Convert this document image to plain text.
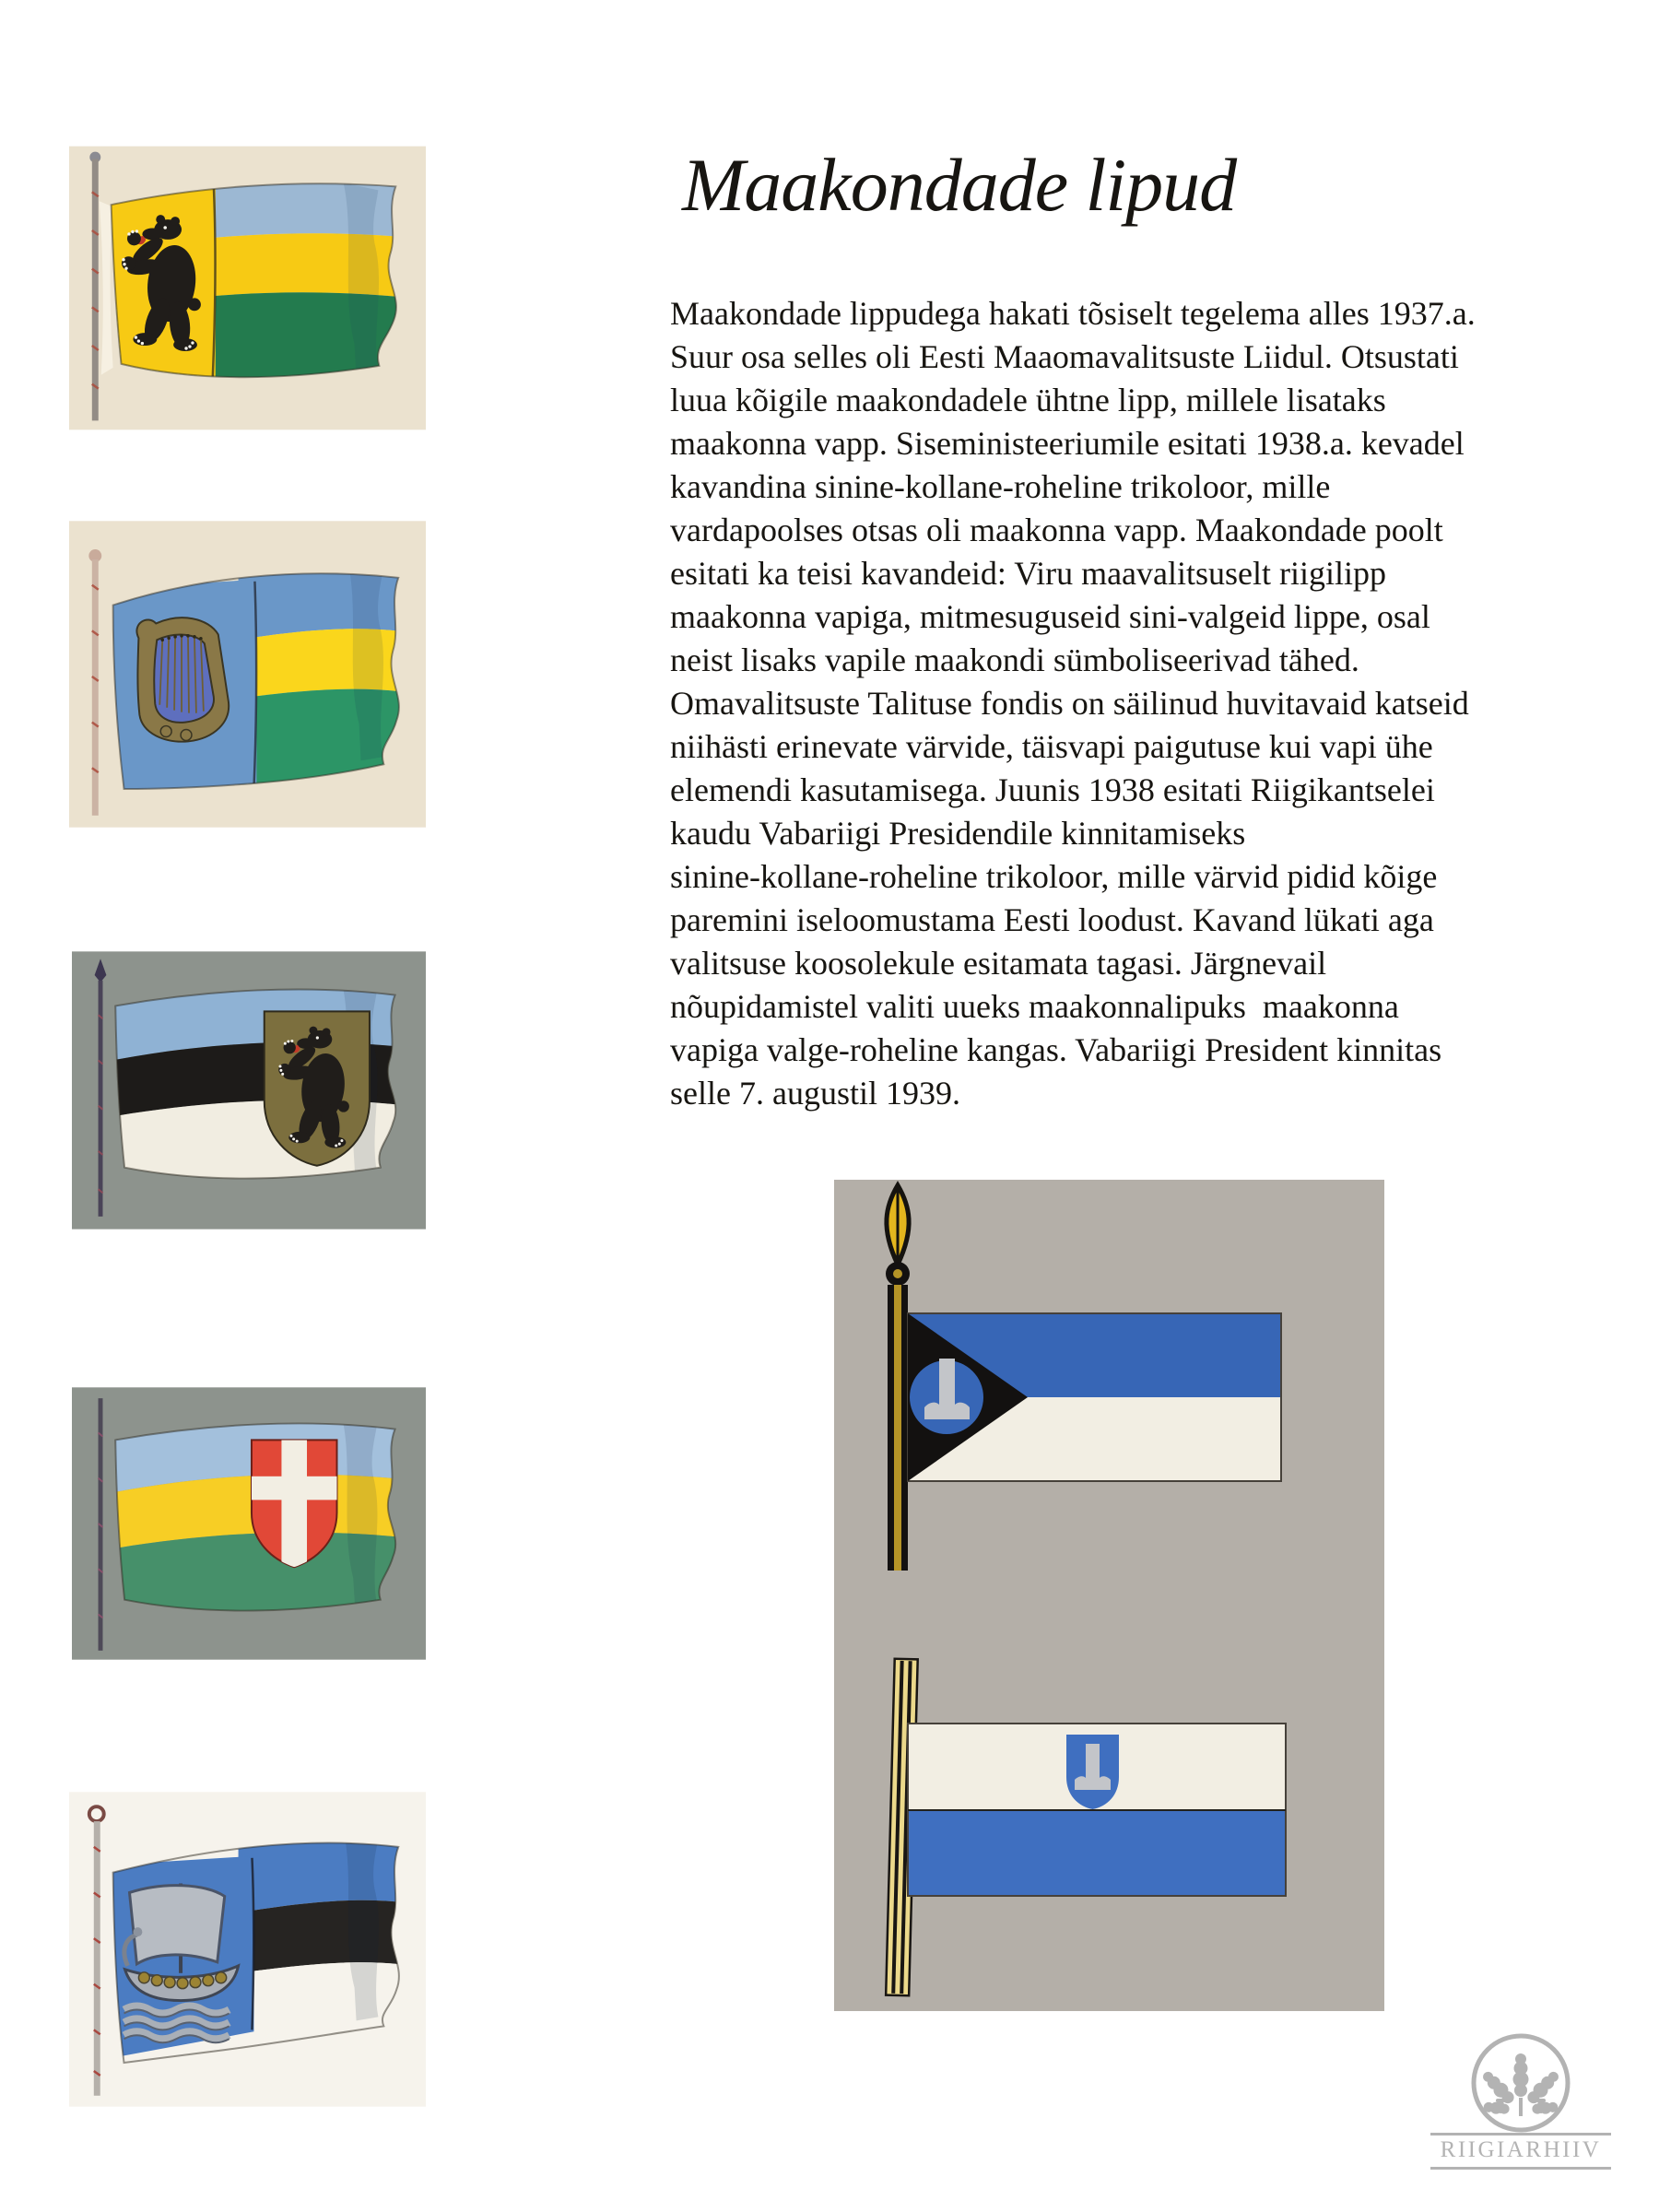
Maakondade lipud
Maakondade lippudega hakati tõsiselt tegelema alles 1937.a.
Suur osa selles oli Eesti Maaomavalitsuste Liidul. Otsustati
luua kõigile maakondadele ühtne lipp, millele lisataks
maakonna vapp. Siseministeeriumile esitati 1938.a. kevadel
kavandina sinine-kollane-roheline trikoloor, mille
vardapoolses otsas oli maakonna vapp. Maakondade poolt
esitati ka teisi kavandeid: Viru maavalitsuselt riigilipp
maakonna vapiga, mitmesuguseid sini-valgeid lippe, osal
neist lisaks vapile maakondi sümboliseerivad tähed.
Omavalitsuste Talituse fondis on säilinud huvitavaid katseid
niihästi erinevate värvide, täisvapi paigutuse kui vapi ühe
elemendi kasutamisega. Juunis 1938 esitati Riigikantselei
kaudu Vabariigi Presidendile kinnitamiseks
sinine-kollane-roheline trikoloor, mille värvid pidid kõige
paremini iseloomustama Eesti loodust. Kavand lükati aga
valitsuse koosolekule esitamata tagasi. Järgnevail
nõupidamistel valiti uueks maakonnalipuks  maakonna
vapiga valge-roheline kangas. Vabariigi President kinnitas
selle 7. augustil 1939.
RIIGIARHIIV
